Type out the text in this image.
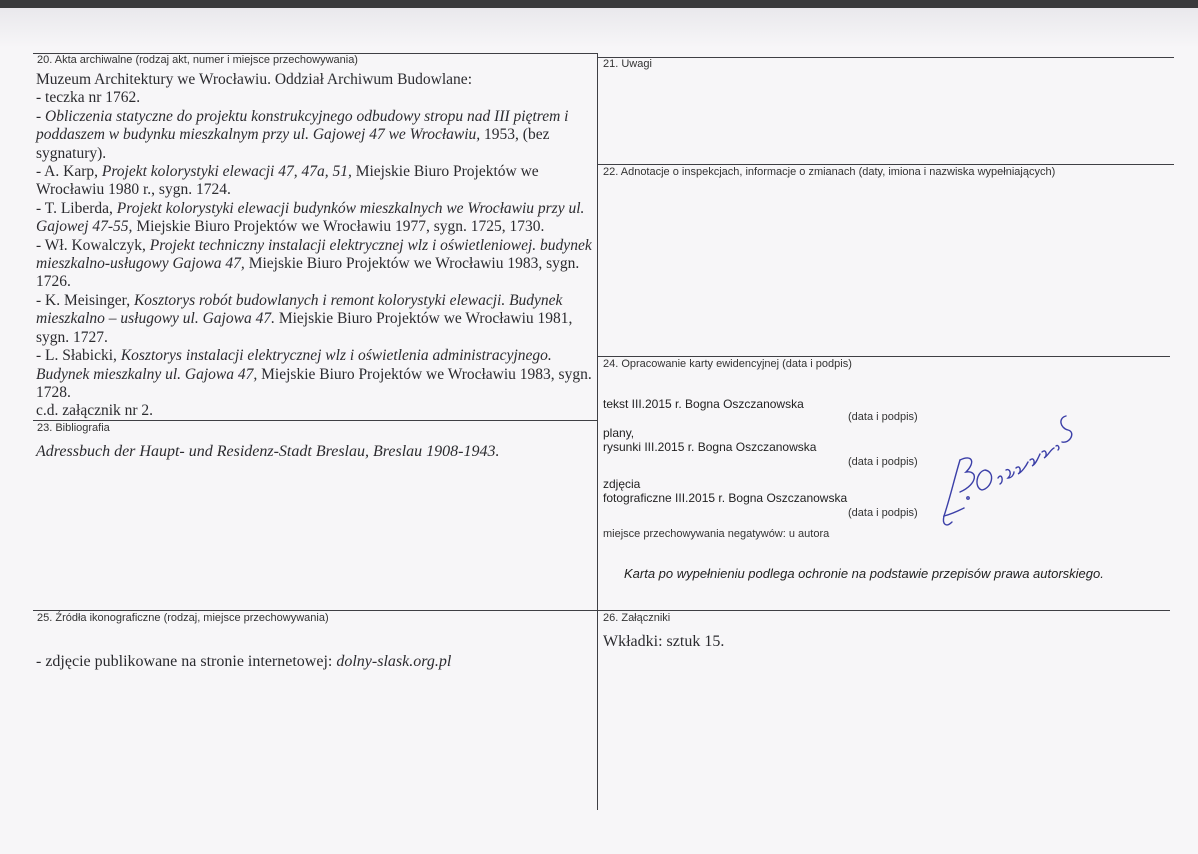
20. Akta archiwalne (rodzaj akt, numer i miejsce przechowywania)

Muzeum Architektury we Wrocławiu. Oddział Archiwum Budowlane:

- teczka nr 1762.

- Obliczenia statyczne do projektu konstrukcyjnego odbudowy stropu nad III piętrem i poddaszem w budynku mieszkalnym przy ul. Gajowej 47 we Wrocławiu, 1953, (bez sygnatury).

- A. Karp, Projekt kolorystyki elewacji 47, 47a, 51, Miejskie Biuro Projektów we Wrocławiu 1980 r., sygn. 1724.

- T. Liberda, Projekt kolorystyki elewacji budynków mieszkalnych we Wrocławiu przy ul. Gajowej 47-55, Miejskie Biuro Projektów we Wrocławiu 1977, sygn. 1725, 1730.

- Wł. Kowalczyk, Projekt techniczny instalacji elektrycznej wlz i oświetleniowej. budynek mieszkalno-usługowy Gajowa 47, Miejskie Biuro Projektów we Wrocławiu 1983, sygn. 1726.

- K. Meisinger, Kosztorys robót budowlanych i remont kolorystyki elewacji. Budynek mieszkalno – usługowy ul. Gajowa 47. Miejskie Biuro Projektów we Wrocławiu 1981, sygn. 1727.

- L. Słabicki, Kosztorys instalacji elektrycznej wlz i oświetlenia administracyjnego. Budynek mieszkalny ul. Gajowa 47, Miejskie Biuro Projektów we Wrocławiu 1983, sygn. 1728.

c.d. załącznik nr 2.

21. Uwagi
22. Adnotacje o inspekcjach, informacje o zmianach (daty, imiona i nazwiska wypełniających)
23. Bibliografia
Adressbuch der Haupt- und Residenz-Stadt Breslau, Breslau 1908-1943.
24. Opracowanie karty ewidencyjnej (data i podpis)
tekst III.2015 r. Bogna Oszczanowska
(data i podpis)
plany,
rysunki III.2015 r. Bogna Oszczanowska
(data i podpis)
zdjęcia
fotograficzne III.2015 r. Bogna Oszczanowska
(data i podpis)
miejsce przechowywania negatywów: u autora
Karta po wypełnieniu podlega ochronie na podstawie przepisów prawa autorskiego.
25. Źródła ikonograficzne (rodzaj, miejsce przechowywania)
- zdjęcie publikowane na stronie internetowej: dolny-slask.org.pl
26. Załączniki
Wkładki: sztuk 15.
